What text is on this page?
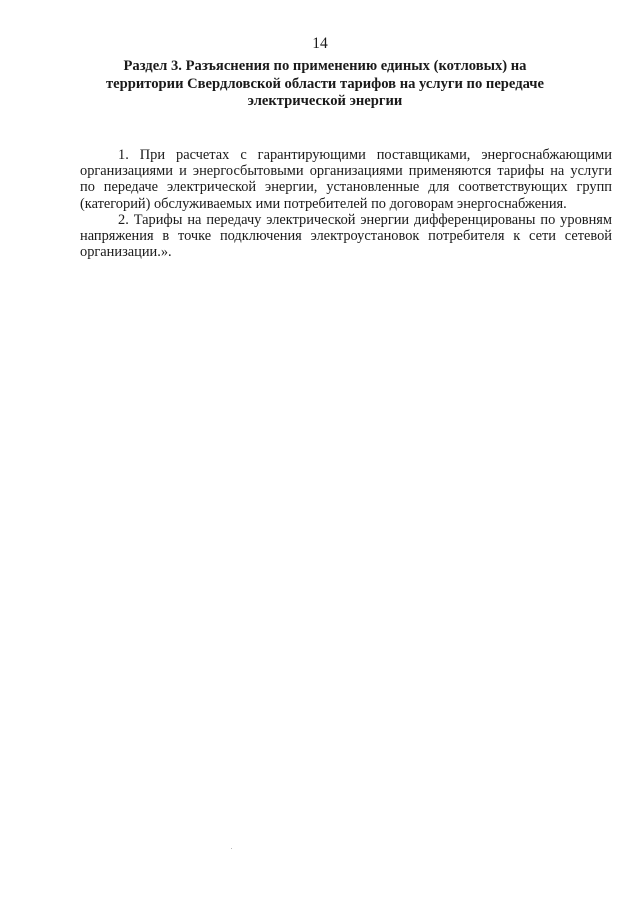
14
Раздел 3. Разъяснения по применению единых (котловых) на территории Свердловской области тарифов на услуги по передаче электрической энергии

1. При расчетах с гарантирующими поставщиками, энергоснабжающими организациями и энергосбытовыми организациями применяются тарифы на услуги по передаче электрической энергии, установленные для соответствующих групп (категорий) обслуживаемых ими потребителей по договорам энергоснабжения.

2. Тарифы на передачу электрической энергии дифференцированы по уровням напряжения в точке подключения электроустановок потребителя к сети сетевой организации.».
